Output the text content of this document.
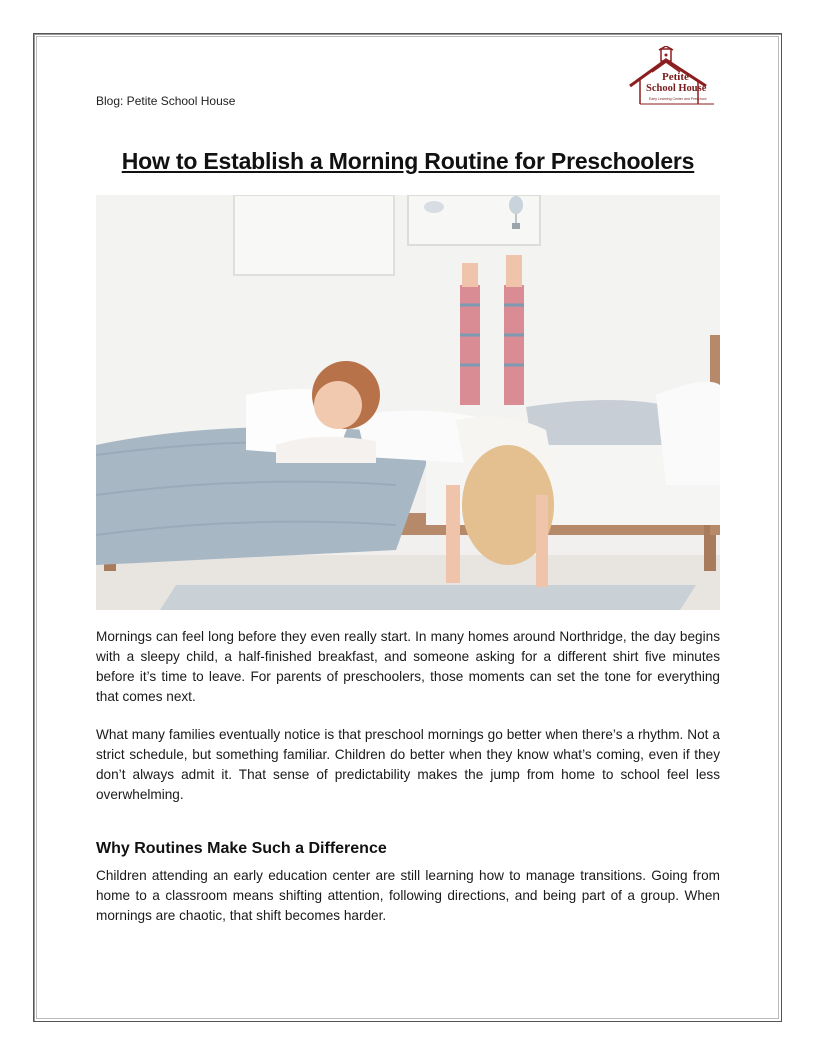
Blog: Petite School House
Petite
School House
Early Learning Center and Preschool
How to Establish a Morning Routine for Preschoolers
Mornings can feel long before they even really start. In many homes around Northridge, the day begins with a sleepy child, a half-finished breakfast, and someone asking for a different shirt five minutes before it’s time to leave. For parents of preschoolers, those moments can set the tone for everything that comes next.
What many families eventually notice is that preschool mornings go better when there’s a rhythm. Not a strict schedule, but something familiar. Children do better when they know what’s coming, even if they don’t always admit it. That sense of predictability makes the jump from home to school feel less overwhelming.
Why Routines Make Such a Difference
Children attending an early education center are still learning how to manage transitions. Going from home to a classroom means shifting attention, following directions, and being part of a group. When mornings are chaotic, that shift becomes harder.
